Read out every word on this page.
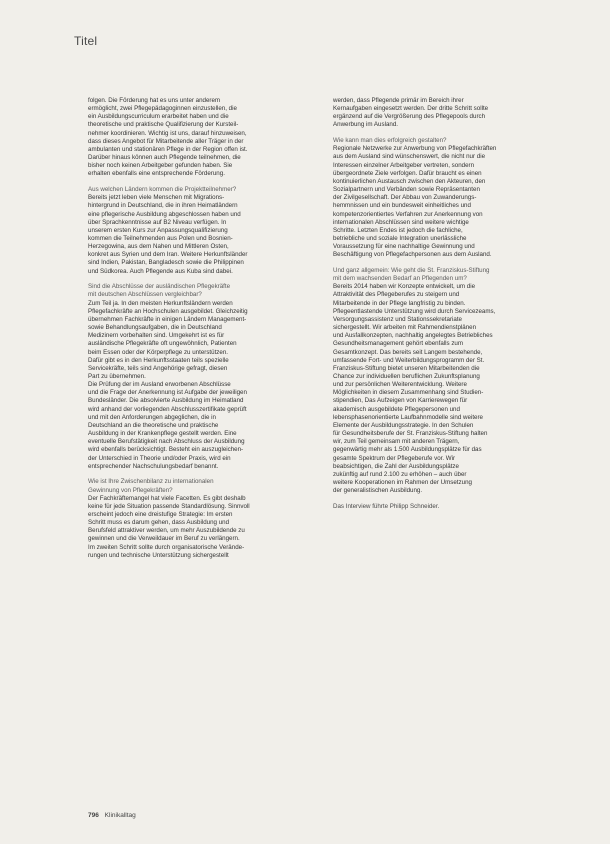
Titel

folgen. Die Förderung hat es uns unter anderem
ermöglicht, zwei Pflegepädagoginnen einzustellen, die
ein Ausbildungscurriculum erarbeitet haben und die
theoretische und praktische Qualifizierung der Kursteil-
nehmer koordinieren. Wichtig ist uns, darauf hinzuweisen,
dass dieses Angebot für Mitarbeitende aller Träger in der
ambulanten und stationären Pflege in der Region offen ist.
Darüber hinaus können auch Pflegende teilnehmen, die
bisher noch keinen Arbeitgeber gefunden haben. Sie
erhalten ebenfalls eine entsprechende Förderung.

Aus welchen Ländern kommen die Projektteilnehmer?
Bereits jetzt leben viele Menschen mit Migrations-
hintergrund in Deutschland, die in ihren Heimatländern
eine pflegerische Ausbildung abgeschlossen haben und
über Sprachkenntnisse auf B2 Niveau verfügen. In
unserem ersten Kurs zur Anpassungsqualifizierung
kommen die Teilnehmenden aus Polen und Bosnien-
Herzegowina, aus dem Nahen und Mittleren Osten,
konkret aus Syrien und dem Iran. Weitere Herkunftsländer
sind Indien, Pakistan, Bangladesch sowie die Philippinen
und Südkorea. Auch Pflegende aus Kuba sind dabei.

Sind die Abschlüsse der ausländischen Pflegekräfte
mit deutschen Abschlüssen vergleichbar?
Zum Teil ja. In den meisten Herkunftsländern werden
Pflegefachkräfte an Hochschulen ausgebildet. Gleichzeitig
übernehmen Fachkräfte in einigen Ländern Management-
sowie Behandlungsaufgaben, die in Deutschland
Medizinern vorbehalten sind. Umgekehrt ist es für
ausländische Pflegekräfte oft ungewöhnlich, Patienten
beim Essen oder der Körperpflege zu unterstützen.
Dafür gibt es in den Herkunftsstaaten teils spezielle
Servicekräfte, teils sind Angehörige gefragt, diesen
Part zu übernehmen.
Die Prüfung der im Ausland erworbenen Abschlüsse
und die Frage der Anerkennung ist Aufgabe der jeweiligen
Bundesländer. Die absolvierte Ausbildung im Heimatland
wird anhand der vorliegenden Abschlusszertifikate geprüft
und mit den Anforderungen abgeglichen, die in
Deutschland an die theoretische und praktische
Ausbildung in der Krankenpflege gestellt werden. Eine
eventuelle Berufstätigkeit nach Abschluss der Ausbildung
wird ebenfalls berücksichtigt. Besteht ein auszugleichen-
der Unterschied in Theorie und/oder Praxis, wird ein
entsprechender Nachschulungsbedarf benannt.

Wie ist Ihre Zwischenbilanz zu internationalen
Gewinnung von Pflegekräften?
Der Fachkräftemangel hat viele Facetten. Es gibt deshalb
keine für jede Situation passende Standardlösung. Sinnvoll
erscheint jedoch eine dreistufige Strategie: Im ersten
Schritt muss es darum gehen, dass Ausbildung und
Berufsfeld attraktiver werden, um mehr Auszubildende zu
gewinnen und die Verweildauer im Beruf zu verlängern.
Im zweiten Schritt sollte durch organisatorische Verände-
rungen und technische Unterstützung sichergestellt

werden, dass Pflegende primär im Bereich ihrer
Kernaufgaben eingesetzt werden. Der dritte Schritt sollte
ergänzend auf die Vergrößerung des Pflegepools durch
Anwerbung im Ausland.

Wie kann man dies erfolgreich gestalten?
Regionale Netzwerke zur Anwerbung von Pflegefachkräften
aus dem Ausland sind wünschenswert, die nicht nur die
Interessen einzelner Arbeitgeber vertreten, sondern
übergeordnete Ziele verfolgen. Dafür braucht es einen
kontinuierlichen Austausch zwischen den Akteuren, den
Sozialpartnern und Verbänden sowie Repräsentanten
der Zivilgesellschaft. Der Abbau von Zuwanderungs-
hemmnissen und ein bundesweit einheitliches und
kompetenzorientiertes Verfahren zur Anerkennung von
internationalen Abschlüssen sind weitere wichtige
Schritte. Letzten Endes ist jedoch die fachliche,
betriebliche und soziale Integration unerlässliche
Voraussetzung für eine nachhaltige Gewinnung und
Beschäftigung von Pflegefachpersonen aus dem Ausland.

Und ganz allgemein: Wie geht die St. Franziskus-Stiftung
mit dem wachsenden Bedarf an Pflegenden um?
Bereits 2014 haben wir Konzepte entwickelt, um die
Attraktivität des Pflegeberufes zu steigern und
Mitarbeitende in der Pflege langfristig zu binden.
Pflegeentlastende Unterstützung wird durch Servicezeams,
Versorgungsassistenz und Stationssekretariate
sichergestellt. Wir arbeiten mit Rahmendienstplänen
und Ausfallkonzepten, nachhaltig angelegtes Betriebliches
Gesundheitsmanagement gehört ebenfalls zum
Gesamtkonzept. Das bereits seit Langem bestehende,
umfassende Fort- und Weiterbildungsprogramm der St.
Franziskus-Stiftung bietet unseren Mitarbeitenden die
Chance zur individuellen beruflichen Zukunftsplanung
und zur persönlichen Weiterentwicklung. Weitere
Möglichkeiten in diesem Zusammenhang sind Studien-
stipendien, Das Aufzeigen von Karrierewegen für
akademisch ausgebildete Pflegepersonen und
lebensphasenorientierte Laufbahnmodelle sind weitere
Elemente der Ausbildungsstrategie. In den Schulen
für Gesundheitsberufe der St. Franziskus-Stiftung halten
wir, zum Teil gemeinsam mit anderen Trägern,
gegenwärtig mehr als 1.500 Ausbildungsplätze für das
gesamte Spektrum der Pflegeberufe vor. Wir
beabsichtigen, die Zahl der Ausbildungsplätze
zukünftig auf rund 2.100 zu erhöhen – auch über
weitere Kooperationen im Rahmen der Umsetzung
der generalistischen Ausbildung.

Das Interview führte Philipp Schneider.

796 Klinikalltag
